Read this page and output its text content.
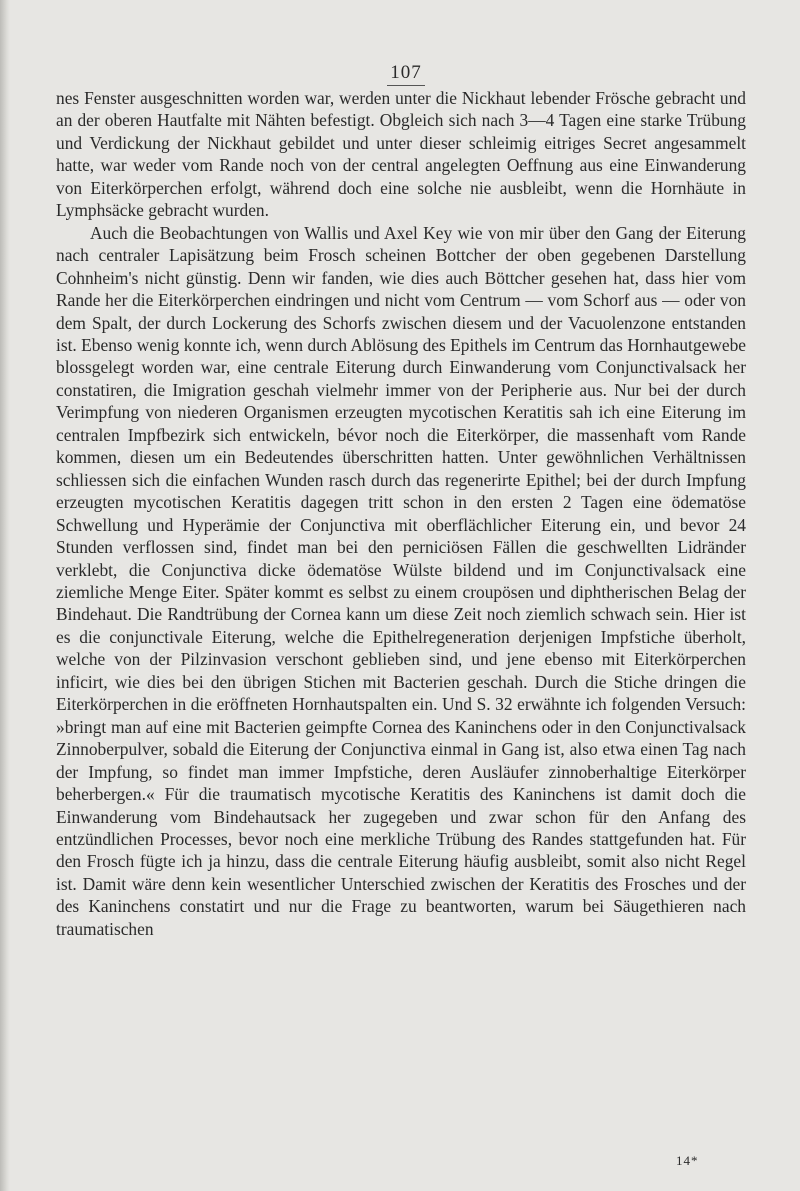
107

nes Fenster ausgeschnitten worden war, werden unter die Nickhaut lebender Frösche gebracht und an der oberen Hautfalte mit Nähten befestigt. Obgleich sich nach 3—4 Tagen eine starke Trübung und Verdickung der Nickhaut gebildet und unter dieser schleimig eitriges Secret angesammelt hatte, war weder vom Rande noch von der central angelegten Oeffnung aus eine Einwanderung von Eiterkörperchen erfolgt, während doch eine solche nie ausbleibt, wenn die Hornhäute in Lymphsäcke gebracht wurden.

Auch die Beobachtungen von Wallis und Axel Key wie von mir über den Gang der Eiterung nach centraler Lapisätzung beim Frosch scheinen Bottcher der oben gegebenen Darstellung Cohnheim's nicht günstig. Denn wir fanden, wie dies auch Böttcher gesehen hat, dass hier vom Rande her die Eiterkörperchen eindringen und nicht vom Centrum — vom Schorf aus — oder von dem Spalt, der durch Lockerung des Schorfs zwischen diesem und der Vacuolenzone entstanden ist. Ebenso wenig konnte ich, wenn durch Ablösung des Epithels im Centrum das Hornhautgewebe blossgelegt worden war, eine centrale Eiterung durch Einwanderung vom Conjunctivalsack her constatiren, die Imigration geschah vielmehr immer von der Peripherie aus. Nur bei der durch Verimpfung von niederen Organismen erzeugten mycotischen Keratitis sah ich eine Eiterung im centralen Impfbezirk sich entwickeln, bévor noch die Eiterkörper, die massenhaft vom Rande kommen, diesen um ein Bedeutendes überschritten hatten. Unter gewöhnlichen Verhältnissen schliessen sich die einfachen Wunden rasch durch das regenerirte Epithel; bei der durch Impfung erzeugten mycotischen Keratitis dagegen tritt schon in den ersten 2 Tagen eine ödematöse Schwellung und Hyperämie der Conjunctiva mit oberflächlicher Eiterung ein, und bevor 24 Stunden verflossen sind, findet man bei den perniciösen Fällen die geschwellten Lidränder verklebt, die Conjunctiva dicke ödematöse Wülste bildend und im Conjunctivalsack eine ziemliche Menge Eiter. Später kommt es selbst zu einem croupösen und diphtherischen Belag der Bindehaut. Die Randtrübung der Cornea kann um diese Zeit noch ziemlich schwach sein. Hier ist es die conjunctivale Eiterung, welche die Epithelregeneration derjenigen Impfstiche überholt, welche von der Pilzinvasion verschont geblieben sind, und jene ebenso mit Eiterkörperchen inficirt, wie dies bei den übrigen Stichen mit Bacterien geschah. Durch die Stiche dringen die Eiterkörperchen in die eröffneten Hornhautspalten ein. Und S. 32 erwähnte ich folgenden Versuch: »bringt man auf eine mit Bacterien geimpfte Cornea des Kaninchens oder in den Conjunctivalsack Zinnoberpulver, sobald die Eiterung der Conjunctiva einmal in Gang ist, also etwa einen Tag nach der Impfung, so findet man immer Impfstiche, deren Ausläufer zinnoberhaltige Eiterkörper beherbergen.« Für die traumatisch mycotische Keratitis des Kaninchens ist damit doch die Einwanderung vom Bindehautsack her zugegeben und zwar schon für den Anfang des entzündlichen Processes, bevor noch eine merkliche Trübung des Randes stattgefunden hat. Für den Frosch fügte ich ja hinzu, dass die centrale Eiterung häufig ausbleibt, somit also nicht Regel ist. Damit wäre denn kein wesentlicher Unterschied zwischen der Keratitis des Frosches und der des Kaninchens constatirt und nur die Frage zu beantworten, warum bei Säugethieren nach traumatischen

14*
